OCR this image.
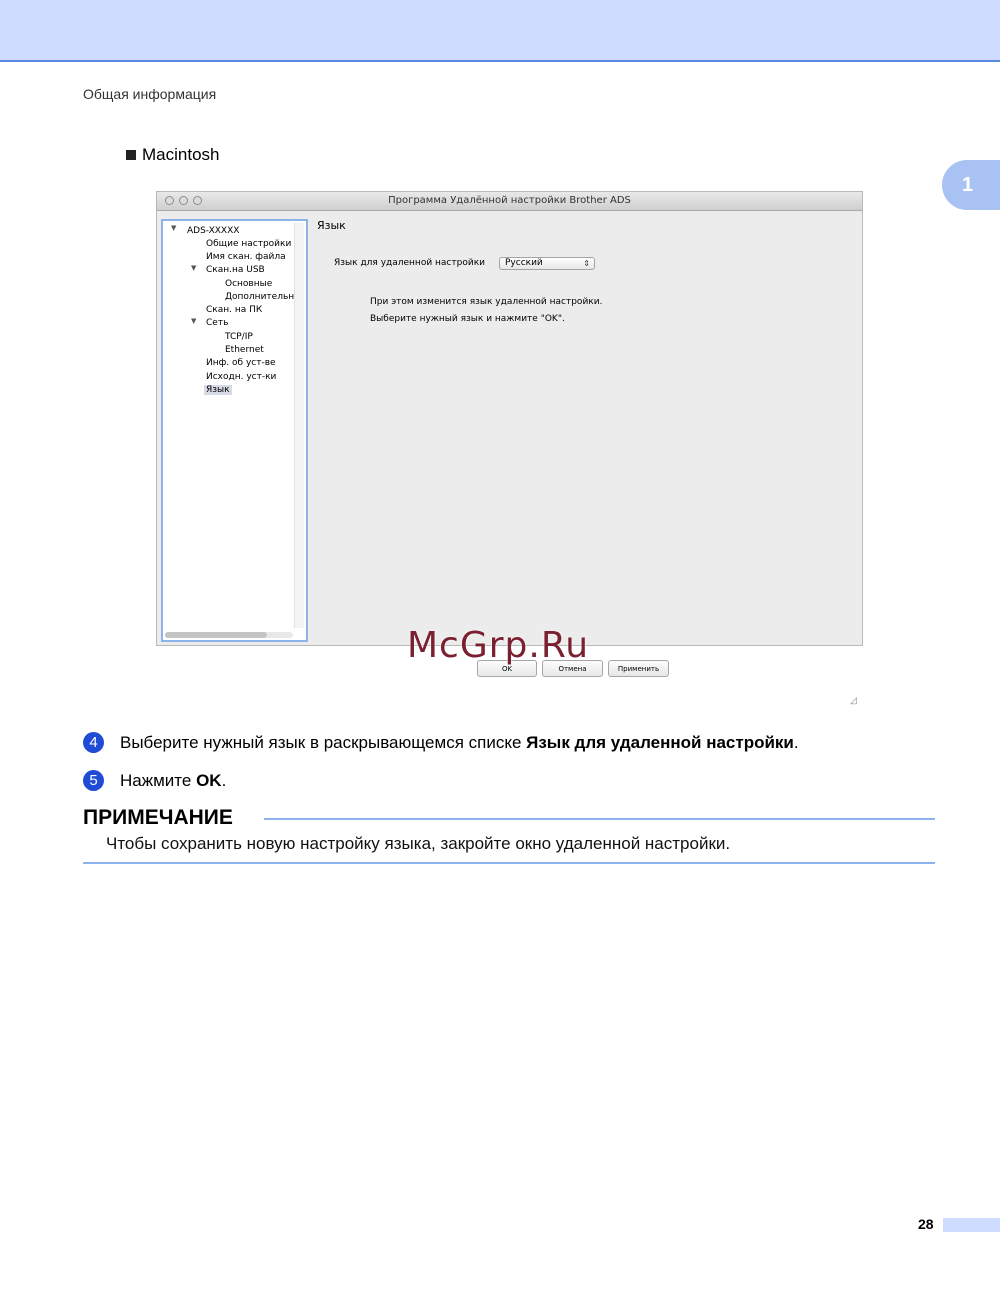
Общая информация
1
Macintosh
Программа Удалённой настройки Brother ADS
▼ ADS-XXXXX
Общие настройки
Имя скан. файла
▼ Скан.на USB
Основные
Дополнительн
Скан. на ПК
▼ Сеть
TCP/IP
Ethernet
Инф. об уст-ве
Исходн. уст-ки
Язык
Язык
Язык для удаленной настройки	Русский	⇕
При этом изменится язык удаленной настройки.
Выберите нужный язык и нажмите "OK".
OK	Отмена	Применить
◿
McGrp.Ru
4	Выберите нужный язык в раскрывающемся списке Язык для удаленной настройки.
5	Нажмите OK.
ПРИМЕЧАНИЕ
Чтобы сохранить новую настройку языка, закройте окно удаленной настройки.
28
